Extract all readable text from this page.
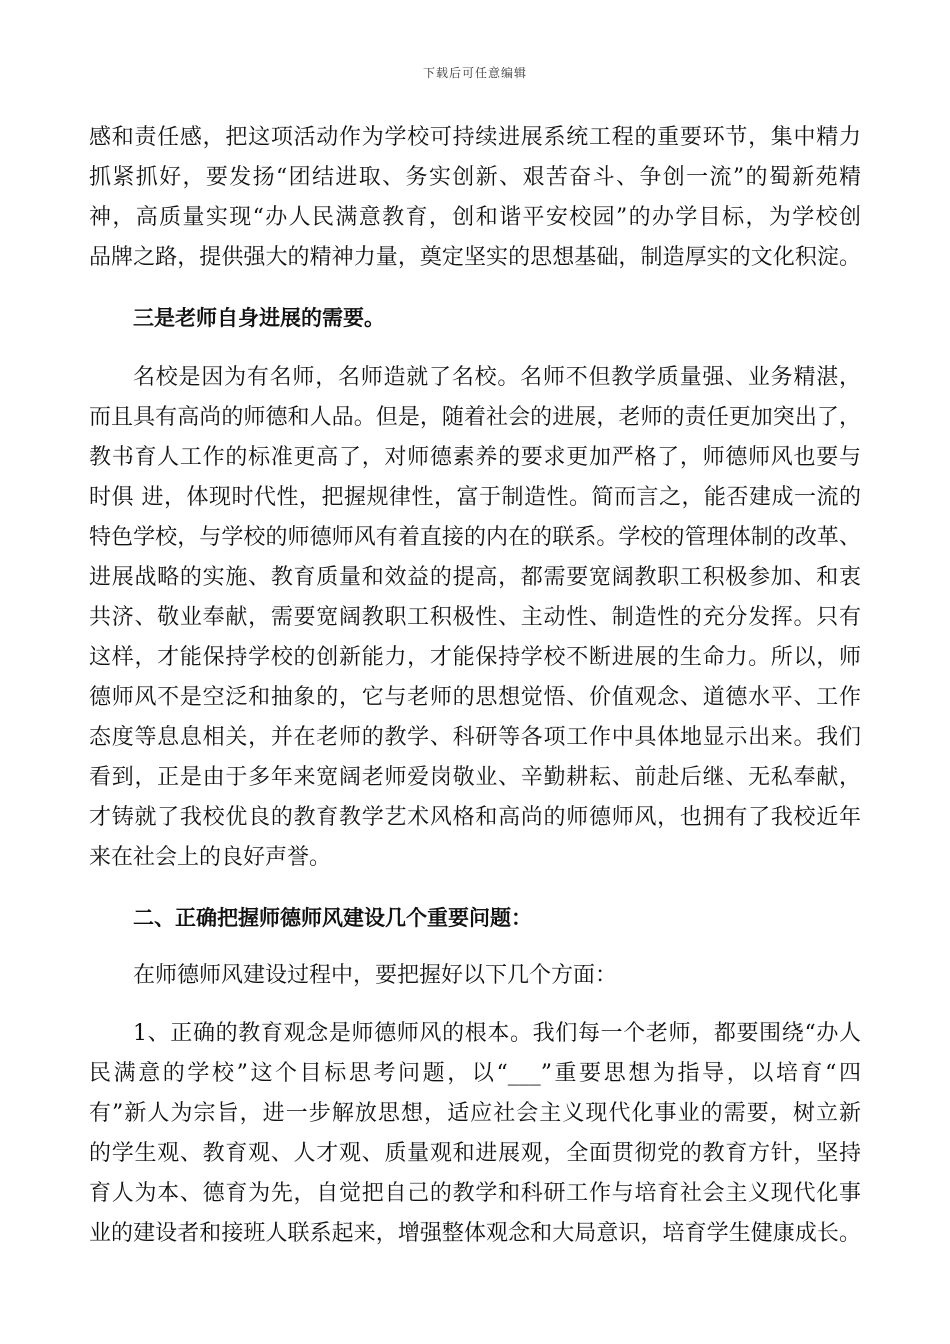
下载后可任意编辑
感和责任感，把这项活动作为学校可持续进展系统工程的重要环节，集中精力
抓紧抓好，要发扬“团结进取、务实创新、艰苦奋斗、争创一流”的蜀新苑精
神，高质量实现“办人民满意教育，创和谐平安校园”的办学目标，为学校创
品牌之路，提供强大的精神力量，奠定坚实的思想基础，制造厚实的文化积淀。
三是老师自身进展的需要。
名校是因为有名师，名师造就了名校。名师不但教学质量强、业务精湛，
而且具有高尚的师德和人品。但是，随着社会的进展，老师的责任更加突出了，
教书育人工作的标准更高了，对师德素养的要求更加严格了，师德师风也要与
时俱 进，体现时代性，把握规律性，富于制造性。简而言之，能否建成一流的
特色学校，与学校的师德师风有着直接的内在的联系。学校的管理体制的改革、
进展战略的实施、教育质量和效益的提高，都需要宽阔教职工积极参加、和衷
共济、敬业奉献，需要宽阔教职工积极性、主动性、制造性的充分发挥。只有
这样，才能保持学校的创新能力，才能保持学校不断进展的生命力。所以，师
德师风不是空泛和抽象的，它与老师的思想觉悟、价值观念、道德水平、工作
态度等息息相关，并在老师的教学、科研等各项工作中具体地显示出来。我们
看到，正是由于多年来宽阔老师爱岗敬业、辛勤耕耘、前赴后继、无私奉献，
才铸就了我校优良的教育教学艺术风格和高尚的师德师风，也拥有了我校近年
来在社会上的良好声誉。
二、正确把握师德师风建设几个重要问题：
在师德师风建设过程中，要把握好以下几个方面：
1、正确的教育观念是师德师风的根本。我们每一个老师，都要围绕“办人
民满意的学校”这个目标思考问题，以“___”重要思想为指导，以培育“四
有”新人为宗旨，进一步解放思想，适应社会主义现代化事业的需要，树立新
的学生观、教育观、人才观、质量观和进展观，全面贯彻党的教育方针，坚持
育人为本、德育为先，自觉把自己的教学和科研工作与培育社会主义现代化事
业的建设者和接班人联系起来，增强整体观念和大局意识，培育学生健康成长。
